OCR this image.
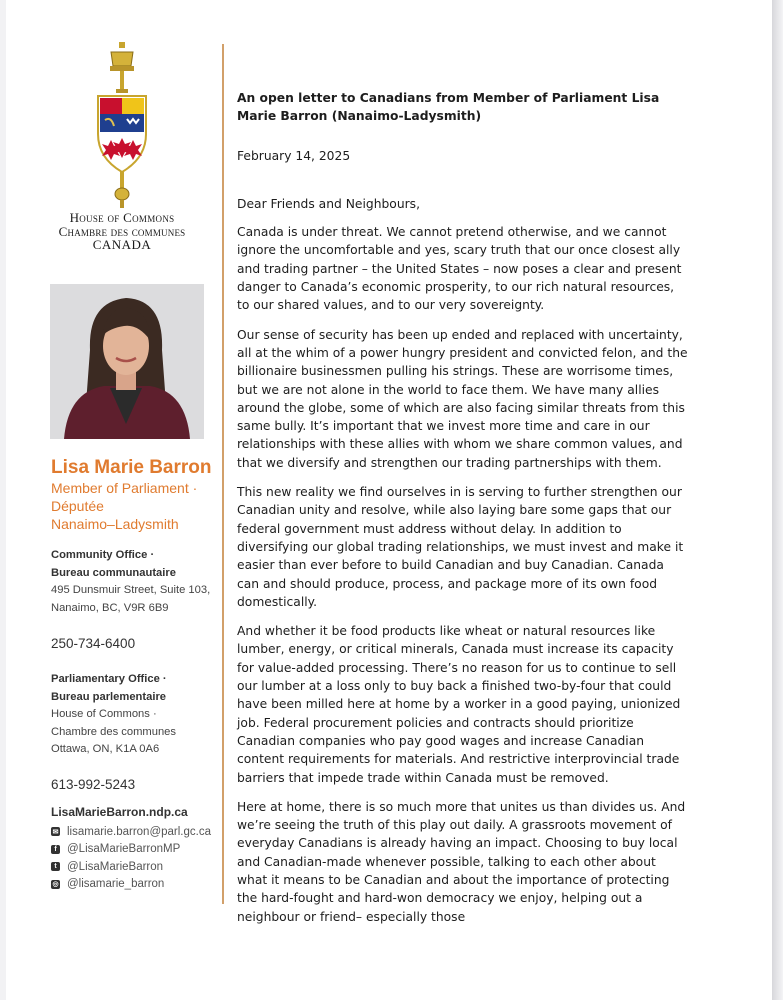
House of Commons
Chambre des communes
CANADA
Lisa Marie Barron
Member of Parliament ·
Députée
Nanaimo–Ladysmith
Community Office ·
Bureau communautaire
495 Dunsmuir Street, Suite 103,
Nanaimo, BC, V9R 6B9
250-734-6400
Parliamentary Office ·
Bureau parlementaire
House of Commons ·
Chambre des communes
Ottawa, ON, K1A 0A6
613-992-5243
LisaMarieBarron.ndp.ca
✉ lisamarie.barron@parl.gc.ca
f @LisaMarieBarronMP
t @LisaMarieBarron
◎ @lisamarie_barron

An open letter to Canadians from Member of Parliament Lisa Marie Barron (Nanaimo-Ladysmith)

February 14, 2025

Dear Friends and Neighbours,

Canada is under threat. We cannot pretend otherwise, and we cannot ignore the uncomfortable and yes, scary truth that our once closest ally and trading partner – the United States – now poses a clear and present danger to Canada’s economic prosperity, to our rich natural resources, to our shared values, and to our very sovereignty.

Our sense of security has been up ended and replaced with uncertainty, all at the whim of a power hungry president and convicted felon, and the billionaire businessmen pulling his strings. These are worrisome times, but we are not alone in the world to face them. We have many allies around the globe, some of which are also facing similar threats from this same bully. It’s important that we invest more time and care in our relationships with these allies with whom we share common values, and that we diversify and strengthen our trading partnerships with them.

This new reality we find ourselves in is serving to further strengthen our Canadian unity and resolve, while also laying bare some gaps that our federal government must address without delay. In addition to diversifying our global trading relationships, we must invest and make it easier than ever before to build Canadian and buy Canadian. Canada can and should produce, process, and package more of its own food domestically.

And whether it be food products like wheat or natural resources like lumber, energy, or critical minerals, Canada must increase its capacity for value-added processing. There’s no reason for us to continue to sell our lumber at a loss only to buy back a finished two-by-four that could have been milled here at home by a worker in a good paying, unionized job. Federal procurement policies and contracts should prioritize Canadian companies who pay good wages and increase Canadian content requirements for materials. And restrictive interprovincial trade barriers that impede trade within Canada must be removed.

Here at home, there is so much more that unites us than divides us. And we’re seeing the truth of this play out daily. A grassroots movement of everyday Canadians is already having an impact. Choosing to buy local and Canadian-made whenever possible, talking to each other about what it means to be Canadian and about the importance of protecting the hard-fought and hard-won democracy we enjoy, helping out a neighbour or friend– especially those
